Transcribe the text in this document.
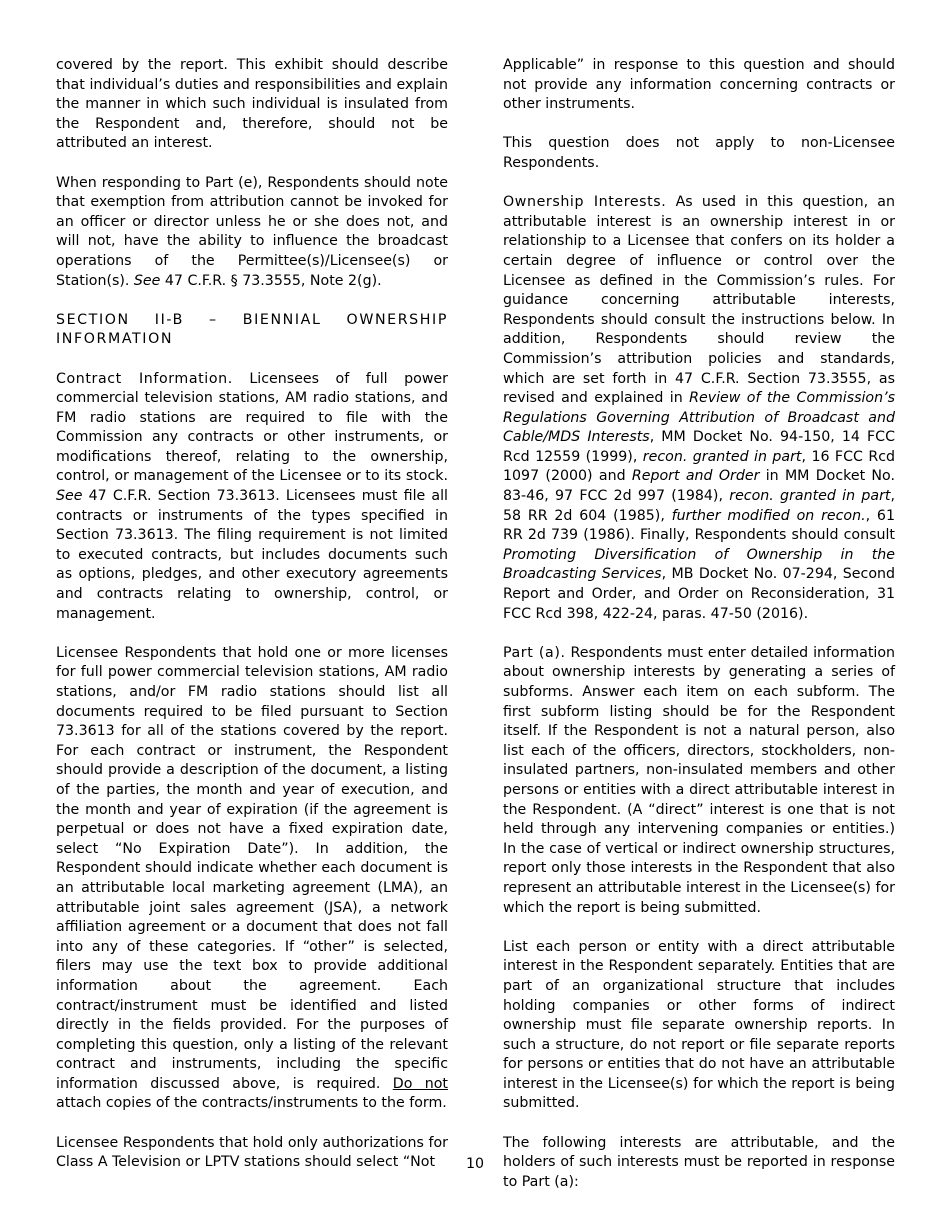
covered by the report. This exhibit should describe that individual’s duties and responsibilities and explain the manner in which such individual is insulated from the Respondent and, therefore, should not be attributed an interest.

When responding to Part (e), Respondents should note that exemption from attribution cannot be invoked for an officer or director unless he or she does not, and will not, have the ability to influence the broadcast operations of the Permittee(s)/Licensee(s) or Station(s). See 47 C.F.R. § 73.3555, Note 2(g).

SECTION II-B – BIENNIAL OWNERSHIP INFORMATION

Contract Information. Licensees of full power commercial television stations, AM radio stations, and FM radio stations are required to file with the Commission any contracts or other instruments, or modifications thereof, relating to the ownership, control, or management of the Licensee or to its stock. See 47 C.F.R. Section 73.3613. Licensees must file all contracts or instruments of the types specified in Section 73.3613. The filing requirement is not limited to executed contracts, but includes documents such as options, pledges, and other executory agreements and contracts relating to ownership, control, or management.

Licensee Respondents that hold one or more licenses for full power commercial television stations, AM radio stations, and/or FM radio stations should list all documents required to be filed pursuant to Section 73.3613 for all of the stations covered by the report. For each contract or instrument, the Respondent should provide a description of the document, a listing of the parties, the month and year of execution, and the month and year of expiration (if the agreement is perpetual or does not have a fixed expiration date, select “No Expiration Date”). In addition, the Respondent should indicate whether each document is an attributable local marketing agreement (LMA), an attributable joint sales agreement (JSA), a network affiliation agreement or a document that does not fall into any of these categories. If “other” is selected, filers may use the text box to provide additional information about the agreement. Each contract/instrument must be identified and listed directly in the fields provided. For the purposes of completing this question, only a listing of the relevant contract and instruments, including the specific information discussed above, is required. Do not attach copies of the contracts/instruments to the form.

Licensee Respondents that hold only authorizations for Class A Television or LPTV stations should select “Not

Applicable” in response to this question and should not provide any information concerning contracts or other instruments.

This question does not apply to non-Licensee Respondents.

Ownership Interests. As used in this question, an attributable interest is an ownership interest in or relationship to a Licensee that confers on its holder a certain degree of influence or control over the Licensee as defined in the Commission’s rules. For guidance concerning attributable interests, Respondents should consult the instructions below. In addition, Respondents should review the Commission’s attribution policies and standards, which are set forth in 47 C.F.R. Section 73.3555, as revised and explained in Review of the Commission’s Regulations Governing Attribution of Broadcast and Cable/MDS Interests, MM Docket No. 94-150, 14 FCC Rcd 12559 (1999), recon. granted in part, 16 FCC Rcd 1097 (2000) and Report and Order in MM Docket No. 83-46, 97 FCC 2d 997 (1984), recon. granted in part, 58 RR 2d 604 (1985), further modified on recon., 61 RR 2d 739 (1986). Finally, Respondents should consult Promoting Diversification of Ownership in the Broadcasting Services, MB Docket No. 07-294, Second Report and Order, and Order on Reconsideration, 31 FCC Rcd 398, 422-24, paras. 47-50 (2016).

Part (a). Respondents must enter detailed information about ownership interests by generating a series of subforms. Answer each item on each subform. The first subform listing should be for the Respondent itself. If the Respondent is not a natural person, also list each of the officers, directors, stockholders, non-insulated partners, non-insulated members and other persons or entities with a direct attributable interest in the Respondent. (A “direct” interest is one that is not held through any intervening companies or entities.) In the case of vertical or indirect ownership structures, report only those interests in the Respondent that also represent an attributable interest in the Licensee(s) for which the report is being submitted.

List each person or entity with a direct attributable interest in the Respondent separately. Entities that are part of an organizational structure that includes holding companies or other forms of indirect ownership must file separate ownership reports. In such a structure, do not report or file separate reports for persons or entities that do not have an attributable interest in the Licensee(s) for which the report is being submitted.

The following interests are attributable, and the holders of such interests must be reported in response to Part (a):

10
